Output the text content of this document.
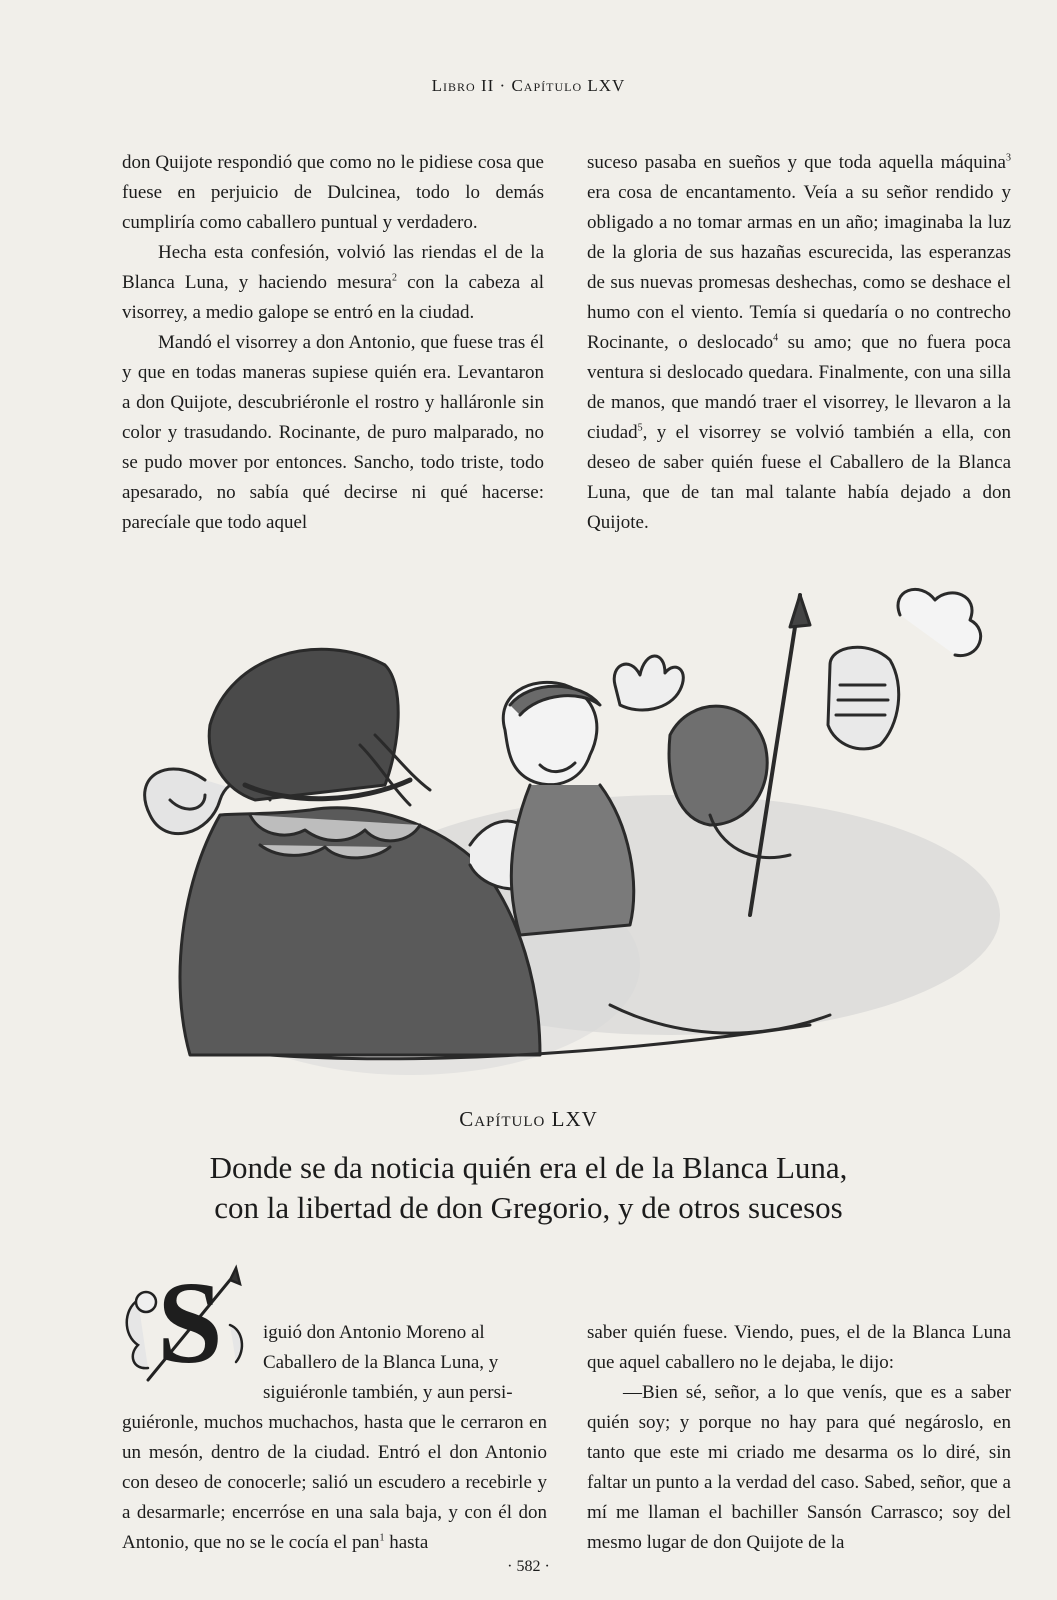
Libro II · Capítulo LXV

don Quijote respondió que como no le pidiese cosa que fuese en perjuicio de Dulcinea, todo lo demás cumpliría como caballero puntual y verdadero.

Hecha esta confesión, volvió las riendas el de la Blanca Luna, y haciendo mesura$^2$ con la cabeza al visorrey, a medio galope se entró en la ciudad.

Mandó el visorrey a don Antonio, que fuese tras él y que en todas maneras supiese quién era. Levantaron a don Quijote, descubriéronle el rostro y halláronle sin color y trasudando. Rocinante, de puro malparado, no se pudo mover por entonces. Sancho, todo triste, todo apesarado, no sabía qué decirse ni qué hacerse: parecíale que todo aquel

suceso pasaba en sueños y que toda aquella máquina$^3$ era cosa de encantamento. Veía a su señor rendido y obligado a no tomar armas en un año; imaginaba la luz de la gloria de sus hazañas escurecida, las esperanzas de sus nuevas promesas deshechas, como se deshace el humo con el viento. Temía si quedaría o no contrecho Rocinante, o deslocado$^4$ su amo; que no fuera poca ventura si deslocado quedara. Finalmente, con una silla de manos, que mandó traer el visorrey, le llevaron a la ciudad$^5$, y el visorrey se volvió también a ella, con deseo de saber quién fuese el Caballero de la Blanca Luna, que de tan mal talante había dejado a don Quijote.

Capítulo LXV
Donde se da noticia quién era el de la Blanca Luna,
con la libertad de don Gregorio, y de otros sucesos
S iguió don Antonio Moreno al
Caballero de la Blanca Luna, y
siguiéronle también, y aun persi-

guiéronle, muchos muchachos, hasta que le cerraron en un mesón, dentro de la ciudad. Entró el don Antonio con deseo de conocerle; salió un escudero a recebirle y a desarmarle; encerróse en una sala baja, y con él don Antonio, que no se le cocía el pan$^1$ hasta

saber quién fuese. Viendo, pues, el de la Blanca Luna que aquel caballero no le dejaba, le dijo:

—Bien sé, señor, a lo que venís, que es a saber quién soy; y porque no hay para qué negároslo, en tanto que este mi criado me desarma os lo diré, sin faltar un punto a la verdad del caso. Sabed, señor, que a mí me llaman el bachiller Sansón Carrasco; soy del mesmo lugar de don Quijote de la

· 582 ·
